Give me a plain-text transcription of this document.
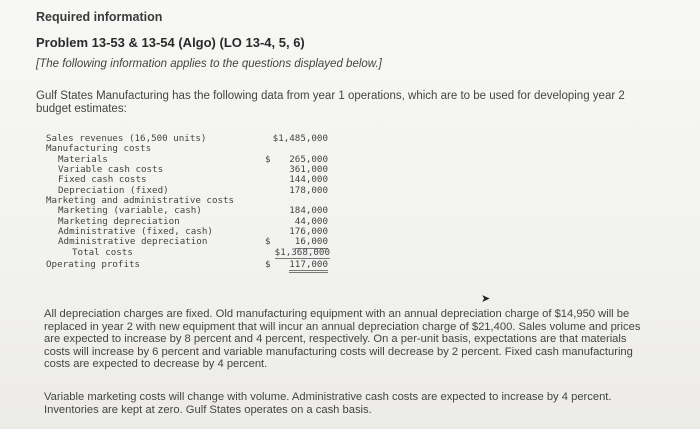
Required information
Problem 13-53 & 13-54 (Algo) (LO 13-4, 5, 6)
[The following information applies to the questions displayed below.]
Gulf States Manufacturing has the following data from year 1 operations, which are to be used for developing year 2 budget estimates:
Sales revenues (16,500 units)	$1,485,000
Manufacturing costs
Materials	$ 265,000
Variable cash costs	361,000
Fixed cash costs	144,000
Depreciation (fixed)	178,000
Marketing and administrative costs
Marketing (variable, cash)	184,000
Marketing depreciation	44,000
Administrative (fixed, cash)	176,000
Administrative depreciation	$	16,000
Total costs	$1,368,000
Operating profits	$ 117,000
➤
All depreciation charges are fixed. Old manufacturing equipment with an annual depreciation charge of $14,950 will be replaced in year 2 with new equipment that will incur an annual depreciation charge of $21,400. Sales volume and prices are expected to increase by 8 percent and 4 percent, respectively. On a per-unit basis, expectations are that materials costs will increase by 6 percent and variable manufacturing costs will decrease by 2 percent. Fixed cash manufacturing costs are expected to decrease by 4 percent.
Variable marketing costs will change with volume. Administrative cash costs are expected to increase by 4 percent. Inventories are kept at zero. Gulf States operates on a cash basis.
